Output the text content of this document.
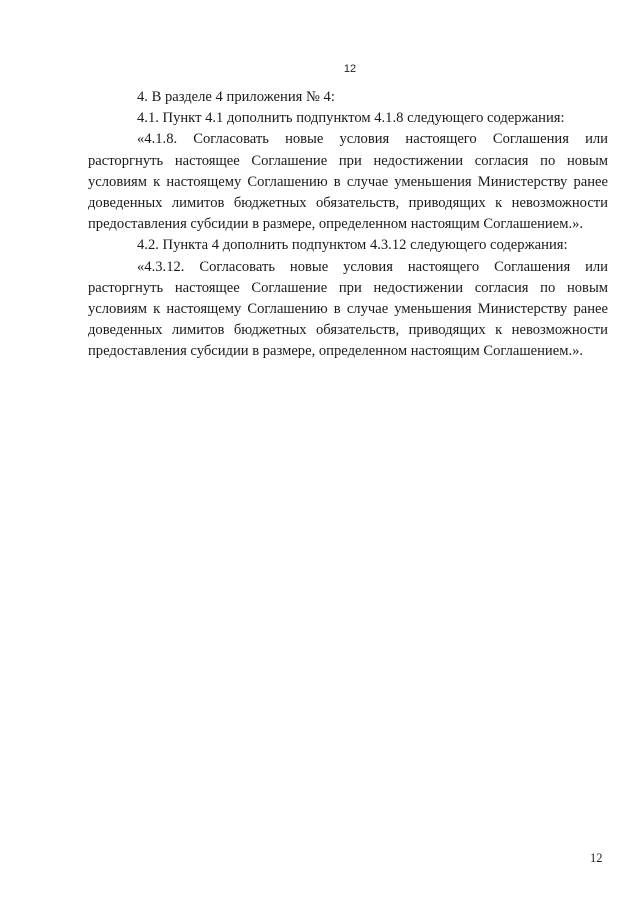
12

4. В разделе 4 приложения № 4:

4.1. Пункт 4.1 дополнить подпунктом 4.1.8 следующего содержания:

«4.1.8. Согласовать новые условия настоящего Соглашения или расторгнуть настоящее Соглашение при недостижении согласия по новым условиям к настоящему Соглашению в случае уменьшения Министерству ранее доведенных лимитов бюджетных обязательств, приводящих к невозможности предоставления субсидии в размере, определенном настоящим Соглашением.».

4.2. Пункта 4 дополнить подпунктом 4.3.12 следующего содержания:

«4.3.12. Согласовать новые условия настоящего Соглашения или расторгнуть настоящее Соглашение при недостижении согласия по новым условиям к настоящему Соглашению в случае уменьшения Министерству ранее доведенных лимитов бюджетных обязательств, приводящих к невозможности предоставления субсидии в размере, определенном настоящим Соглашением.».

12
